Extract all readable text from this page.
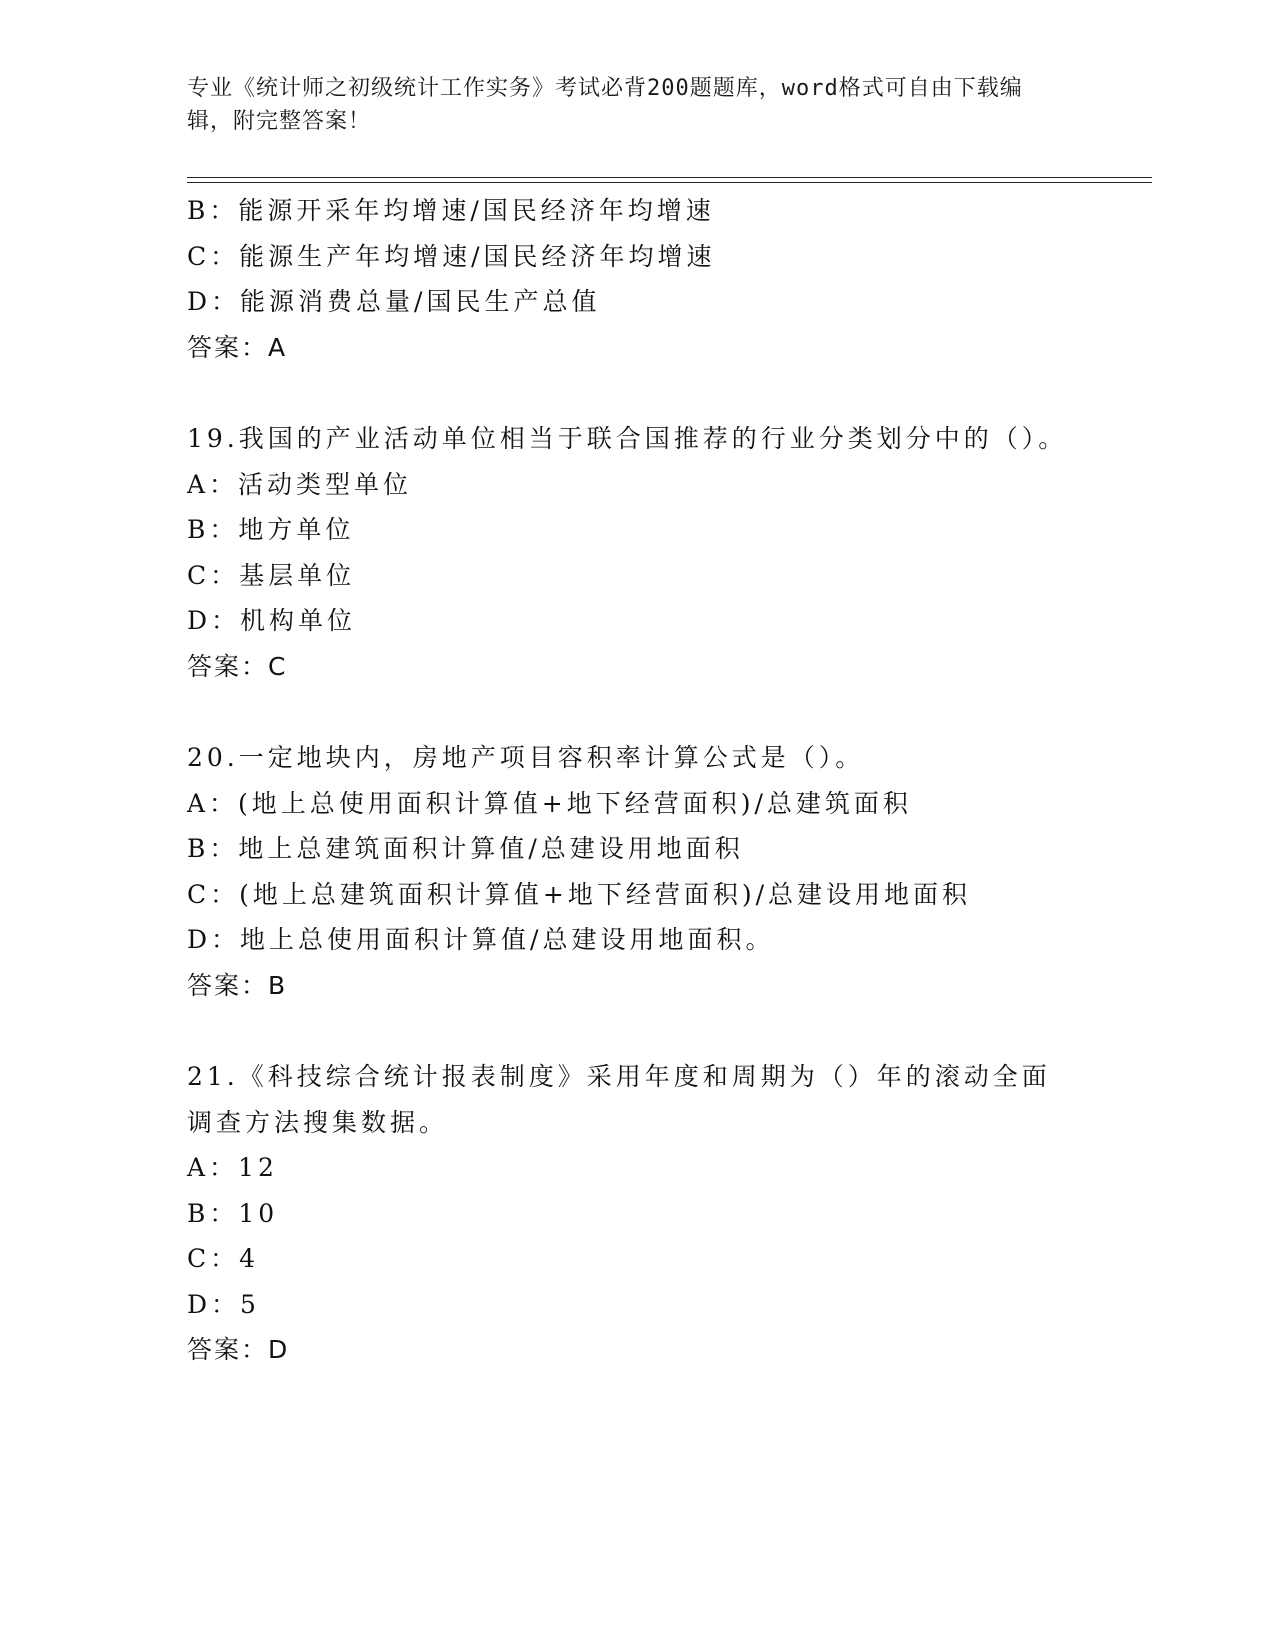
专业《统计师之初级统计工作实务》考试必背200题题库，word格式可自由下载编辑，附完整答案！
B：能源开采年均增速/国民经济年均增速
C：能源生产年均增速/国民经济年均增速
D：能源消费总量/国民生产总值
答案：A
19.我国的产业活动单位相当于联合国推荐的行业分类划分中的（）。
A：活动类型单位
B：地方单位
C：基层单位
D：机构单位
答案：C
20.一定地块内，房地产项目容积率计算公式是（）。
A：(地上总使用面积计算值+地下经营面积)/总建筑面积
B：地上总建筑面积计算值/总建设用地面积
C：(地上总建筑面积计算值+地下经营面积)/总建设用地面积
D：地上总使用面积计算值/总建设用地面积。
答案：B
21.《科技综合统计报表制度》采用年度和周期为（）年的滚动全面调查方法搜集数据。
A：12
B：10
C：4
D：5
答案：D
